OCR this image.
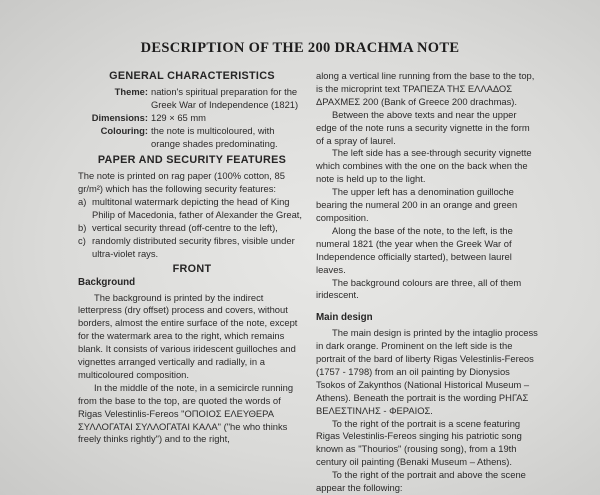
DESCRIPTION OF THE 200 DRACHMA NOTE
GENERAL CHARACTERISTICS
Theme: nation's spiritual preparation for the Greek War of Independence (1821)
Dimensions: 129 × 65 mm
Colouring: the note is multicoloured, with orange shades predominating.
PAPER AND SECURITY FEATURES

The note is printed on rag paper (100% cotton, 85 gr/m²) which has the following security features:

a) multitonal watermark depicting the head of King Philip of Macedonia, father of Alexander the Great,
b) vertical security thread (off-centre to the left),
c) randomly distributed security fibres, visible under ultra-violet rays.
FRONT
Background

The background is printed by the indirect letterpress (dry offset) process and covers, without borders, almost the entire surface of the note, except for the watermark area to the right, which remains blank. It consists of various iridescent guilloches and vignettes arranged vertically and radially, in a multicoloured composition.

In the middle of the note, in a semicircle running from the base to the top, are quoted the words of Rigas Velestinlis-Fereos "ΟΠΟΙΟΣ ΕΛΕΥΘΕΡΑ ΣΥΛΛΟΓΑΤΑΙ ΣΥΛΛΟΓΑΤΑΙ ΚΑΛΑ" ("he who thinks freely thinks rightly") and to the right,

along a vertical line running from the base to the top, is the microprint text ΤΡΑΠΕΖΑ ΤΗΣ ΕΛΛΑΔΟΣ ΔΡΑΧΜΕΣ 200 (Bank of Greece 200 drachmas).

Between the above texts and near the upper edge of the note runs a security vignette in the form of a spray of laurel.

The left side has a see-through security vignette which combines with the one on the back when the note is held up to the light.

The upper left has a denomination guilloche bearing the numeral 200 in an orange and green composition.

Along the base of the note, to the left, is the numeral 1821 (the year when the Greek War of Independence officially started), between laurel leaves.

The background colours are three, all of them iridescent.

Main design

The main design is printed by the intaglio process in dark orange. Prominent on the left side is the portrait of the bard of liberty Rigas Velestinlis-Fereos (1757 - 1798) from an oil painting by Dionysios Tsokos of Zakynthos (National Historical Museum – Athens). Beneath the portrait is the wording ΡΗΓΑΣ ΒΕΛΕΣΤΙΝΛΗΣ - ΦΕΡΑΙΟΣ.

To the right of the portrait is a scene featuring Rigas Velestinlis-Fereos singing his patriotic song known as "Thourios" (rousing song), from a 19th century oil painting (Benaki Museum – Athens).

To the right of the portrait and above the scene appear the following:
